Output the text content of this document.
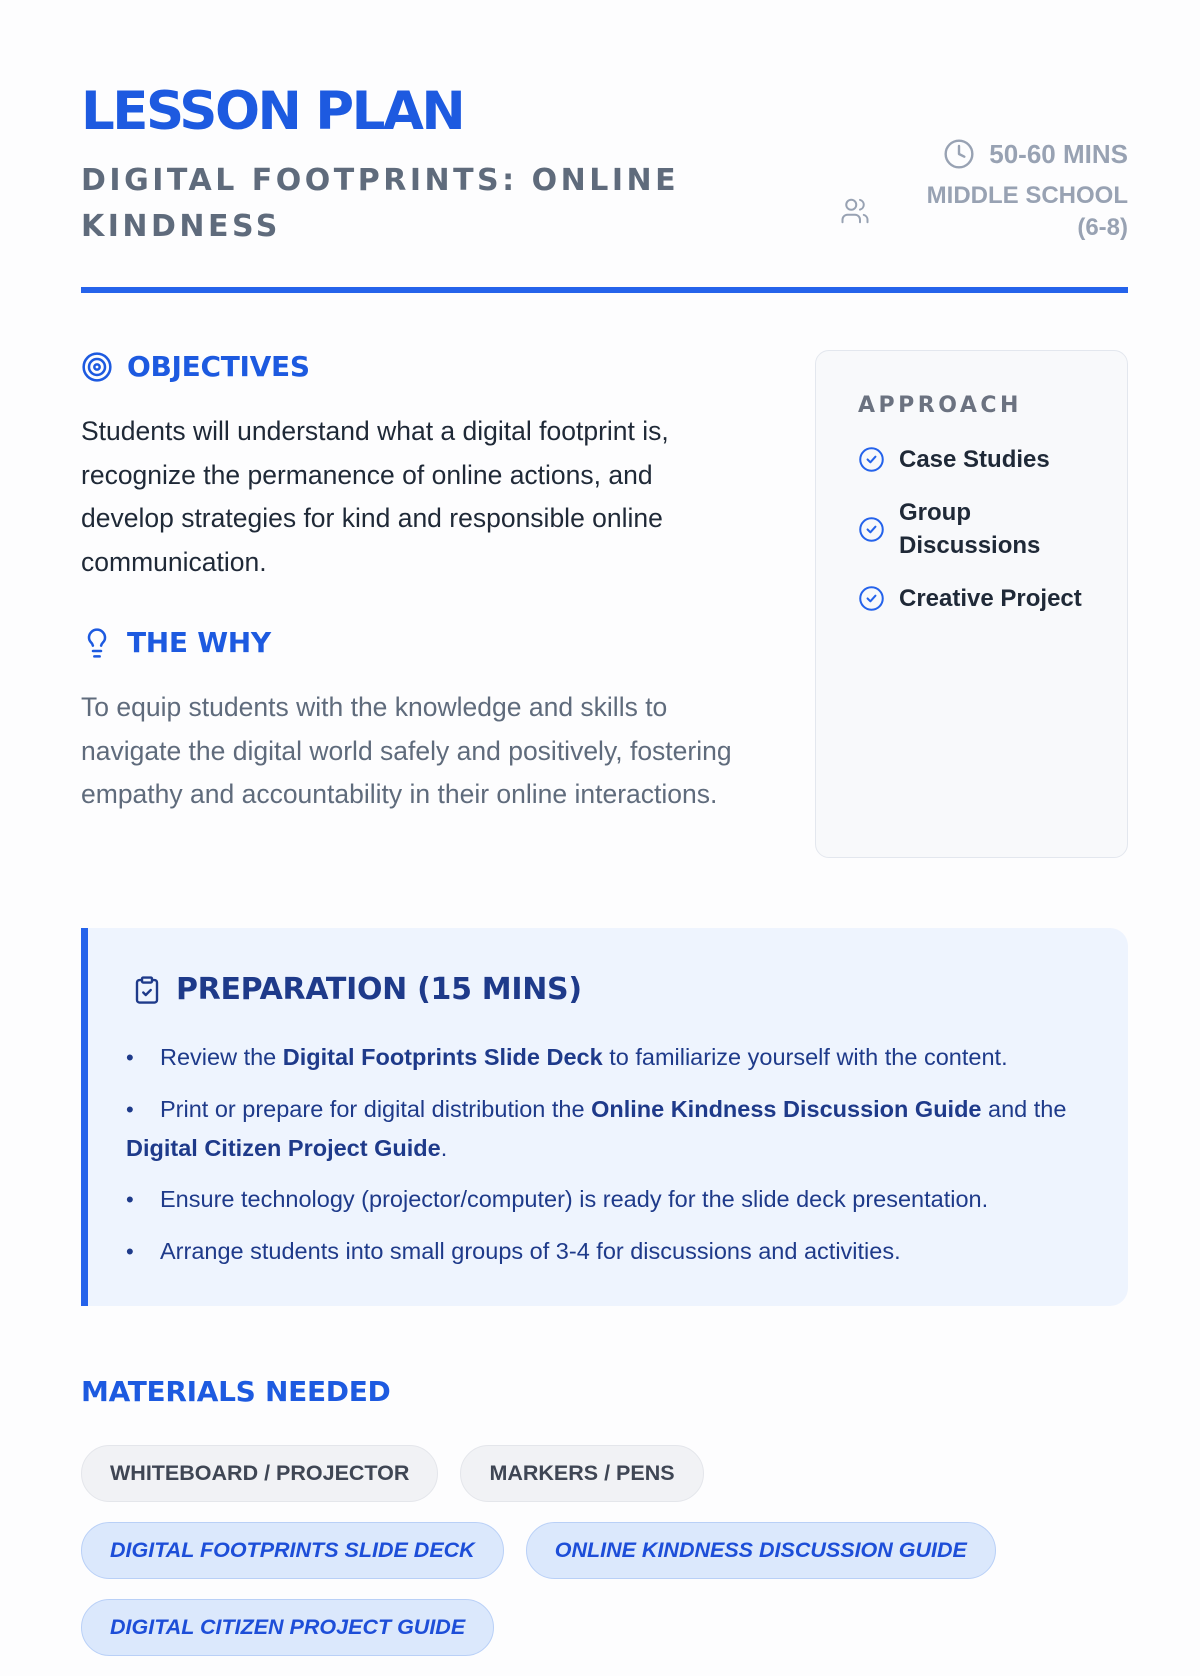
LESSON PLAN
DIGITAL FOOTPRINTS: ONLINE KINDNESS
50-60 MINS
MIDDLE SCHOOL (6-8)
OBJECTIVES

Students will understand what a digital footprint is, recognize the permanence of online actions, and develop strategies for kind and responsible online communication.

THE WHY

To equip students with the knowledge and skills to navigate the digital world safely and positively, fostering empathy and accountability in their online interactions.

APPROACH
Case Studies
Group Discussions
Creative Project
PREPARATION (15 MINS)
• Review the Digital Footprints Slide Deck to familiarize yourself with the content.
• Print or prepare for digital distribution the Online Kindness Discussion Guide and the Digital Citizen Project Guide.
• Ensure technology (projector/computer) is ready for the slide deck presentation.
• Arrange students into small groups of 3-4 for discussions and activities.
MATERIALS NEEDED
WHITEBOARD / PROJECTOR	MARKERS / PENS
DIGITAL FOOTPRINTS SLIDE DECK	ONLINE KINDNESS DISCUSSION GUIDE
DIGITAL CITIZEN PROJECT GUIDE
